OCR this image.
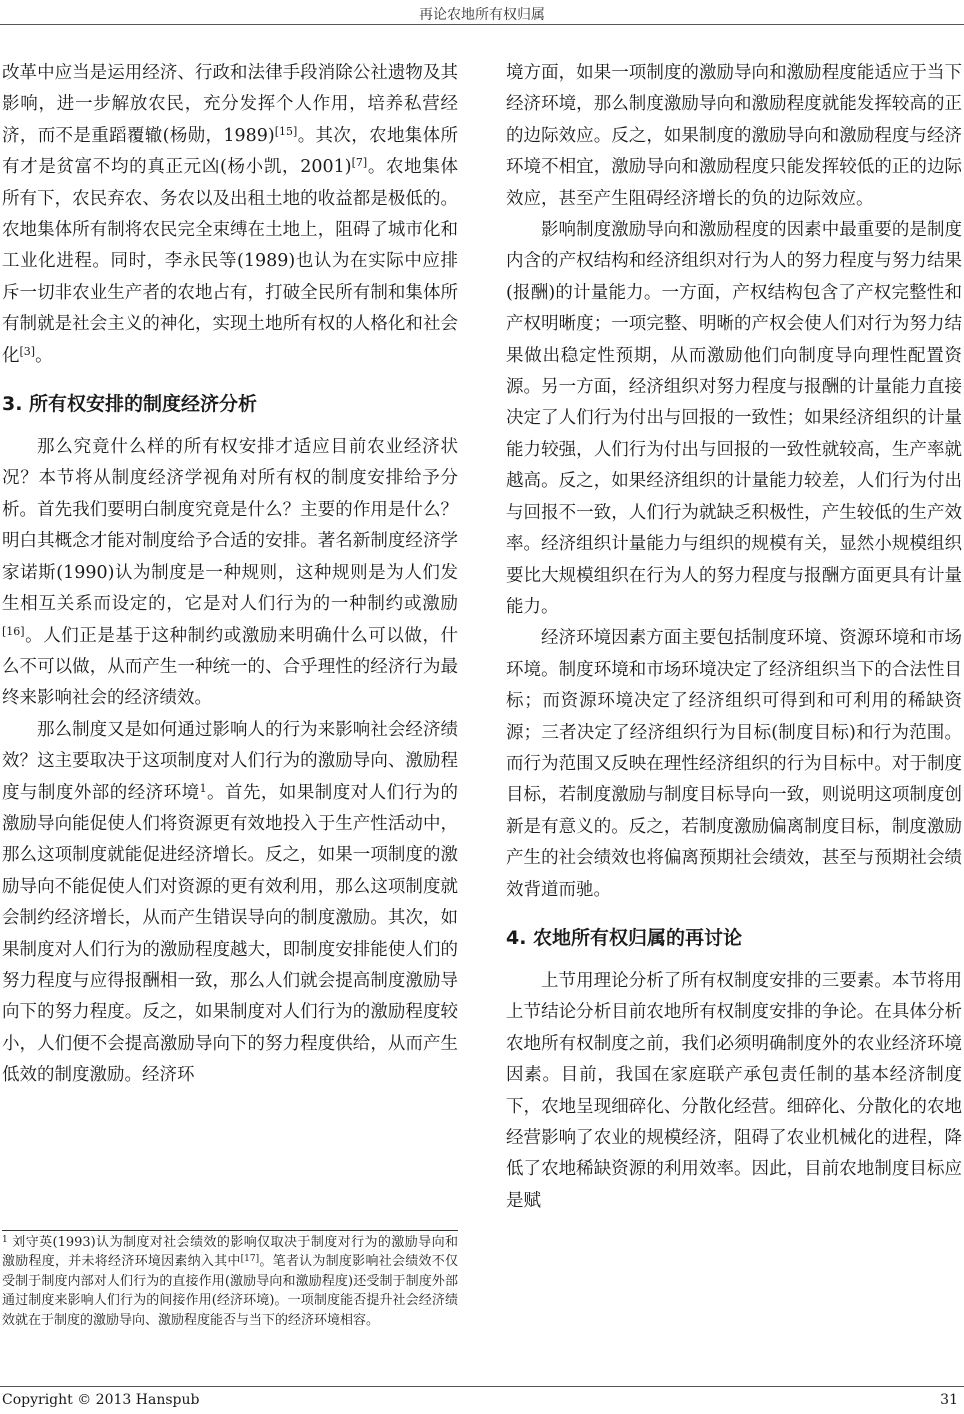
再论农地所有权归属

改革中应当是运用经济、行政和法律手段消除公社遗物及其影响，进一步解放农民，充分发挥个人作用，培养私营经济，而不是重蹈覆辙(杨勋，1989)[15]。其次，农地集体所有才是贫富不均的真正元凶(杨小凯，2001)[7]。农地集体所有下，农民弃农、务农以及出租土地的收益都是极低的。农地集体所有制将农民完全束缚在土地上，阻碍了城市化和工业化进程。同时，李永民等(1989)也认为在实际中应排斥一切非农业生产者的农地占有，打破全民所有制和集体所有制就是社会主义的神化，实现土地所有权的人格化和社会化[3]。

3. 所有权安排的制度经济分析

那么究竟什么样的所有权安排才适应目前农业经济状况？本节将从制度经济学视角对所有权的制度安排给予分析。首先我们要明白制度究竟是什么？主要的作用是什么？明白其概念才能对制度给予合适的安排。著名新制度经济学家诺斯(1990)认为制度是一种规则，这种规则是为人们发生相互关系而设定的，它是对人们行为的一种制约或激励[16]。人们正是基于这种制约或激励来明确什么可以做，什么不可以做，从而产生一种统一的、合乎理性的经济行为最终来影响社会的经济绩效。

那么制度又是如何通过影响人的行为来影响社会经济绩效？这主要取决于这项制度对人们行为的激励导向、激励程度与制度外部的经济环境$^1$。首先，如果制度对人们行为的激励导向能促使人们将资源更有效地投入于生产性活动中，那么这项制度就能促进经济增长。反之，如果一项制度的激励导向不能促使人们对资源的更有效利用，那么这项制度就会制约经济增长，从而产生错误导向的制度激励。其次，如果制度对人们行为的激励程度越大，即制度安排能使人们的努力程度与应得报酬相一致，那么人们就会提高制度激励导向下的努力程度。反之，如果制度对人们行为的激励程度较小，人们便不会提高激励导向下的努力程度供给，从而产生低效的制度激励。经济环

$^1$ 刘守英(1993)认为制度对社会绩效的影响仅取决于制度对行为的激励导向和激励程度，并未将经济环境因素纳入其中[17]。笔者认为制度影响社会绩效不仅受制于制度内部对人们行为的直接作用(激励导向和激励程度)还受制于制度外部通过制度来影响人们行为的间接作用(经济环境)。一项制度能否提升社会经济绩效就在于制度的激励导向、激励程度能否与当下的经济环境相容。

境方面，如果一项制度的激励导向和激励程度能适应于当下经济环境，那么制度激励导向和激励程度就能发挥较高的正的边际效应。反之，如果制度的激励导向和激励程度与经济环境不相宜，激励导向和激励程度只能发挥较低的正的边际效应，甚至产生阻碍经济增长的负的边际效应。

影响制度激励导向和激励程度的因素中最重要的是制度内含的产权结构和经济组织对行为人的努力程度与努力结果(报酬)的计量能力。一方面，产权结构包含了产权完整性和产权明晰度；一项完整、明晰的产权会使人们对行为努力结果做出稳定性预期，从而激励他们向制度导向理性配置资源。另一方面，经济组织对努力程度与报酬的计量能力直接决定了人们行为付出与回报的一致性；如果经济组织的计量能力较强，人们行为付出与回报的一致性就较高，生产率就越高。反之，如果经济组织的计量能力较差，人们行为付出与回报不一致，人们行为就缺乏积极性，产生较低的生产效率。经济组织计量能力与组织的规模有关，显然小规模组织要比大规模组织在行为人的努力程度与报酬方面更具有计量能力。

经济环境因素方面主要包括制度环境、资源环境和市场环境。制度环境和市场环境决定了经济组织当下的合法性目标；而资源环境决定了经济组织可得到和可利用的稀缺资源；三者决定了经济组织行为目标(制度目标)和行为范围。而行为范围又反映在理性经济组织的行为目标中。对于制度目标，若制度激励与制度目标导向一致，则说明这项制度创新是有意义的。反之，若制度激励偏离制度目标，制度激励产生的社会绩效也将偏离预期社会绩效，甚至与预期社会绩效背道而驰。

4. 农地所有权归属的再讨论

上节用理论分析了所有权制度安排的三要素。本节将用上节结论分析目前农地所有权制度安排的争论。在具体分析农地所有权制度之前，我们必须明确制度外的农业经济环境因素。目前，我国在家庭联产承包责任制的基本经济制度下，农地呈现细碎化、分散化经营。细碎化、分散化的农地经营影响了农业的规模经济，阻碍了农业机械化的进程，降低了农地稀缺资源的利用效率。因此，目前农地制度目标应是赋

Copyright © 2013 Hanspub	31
